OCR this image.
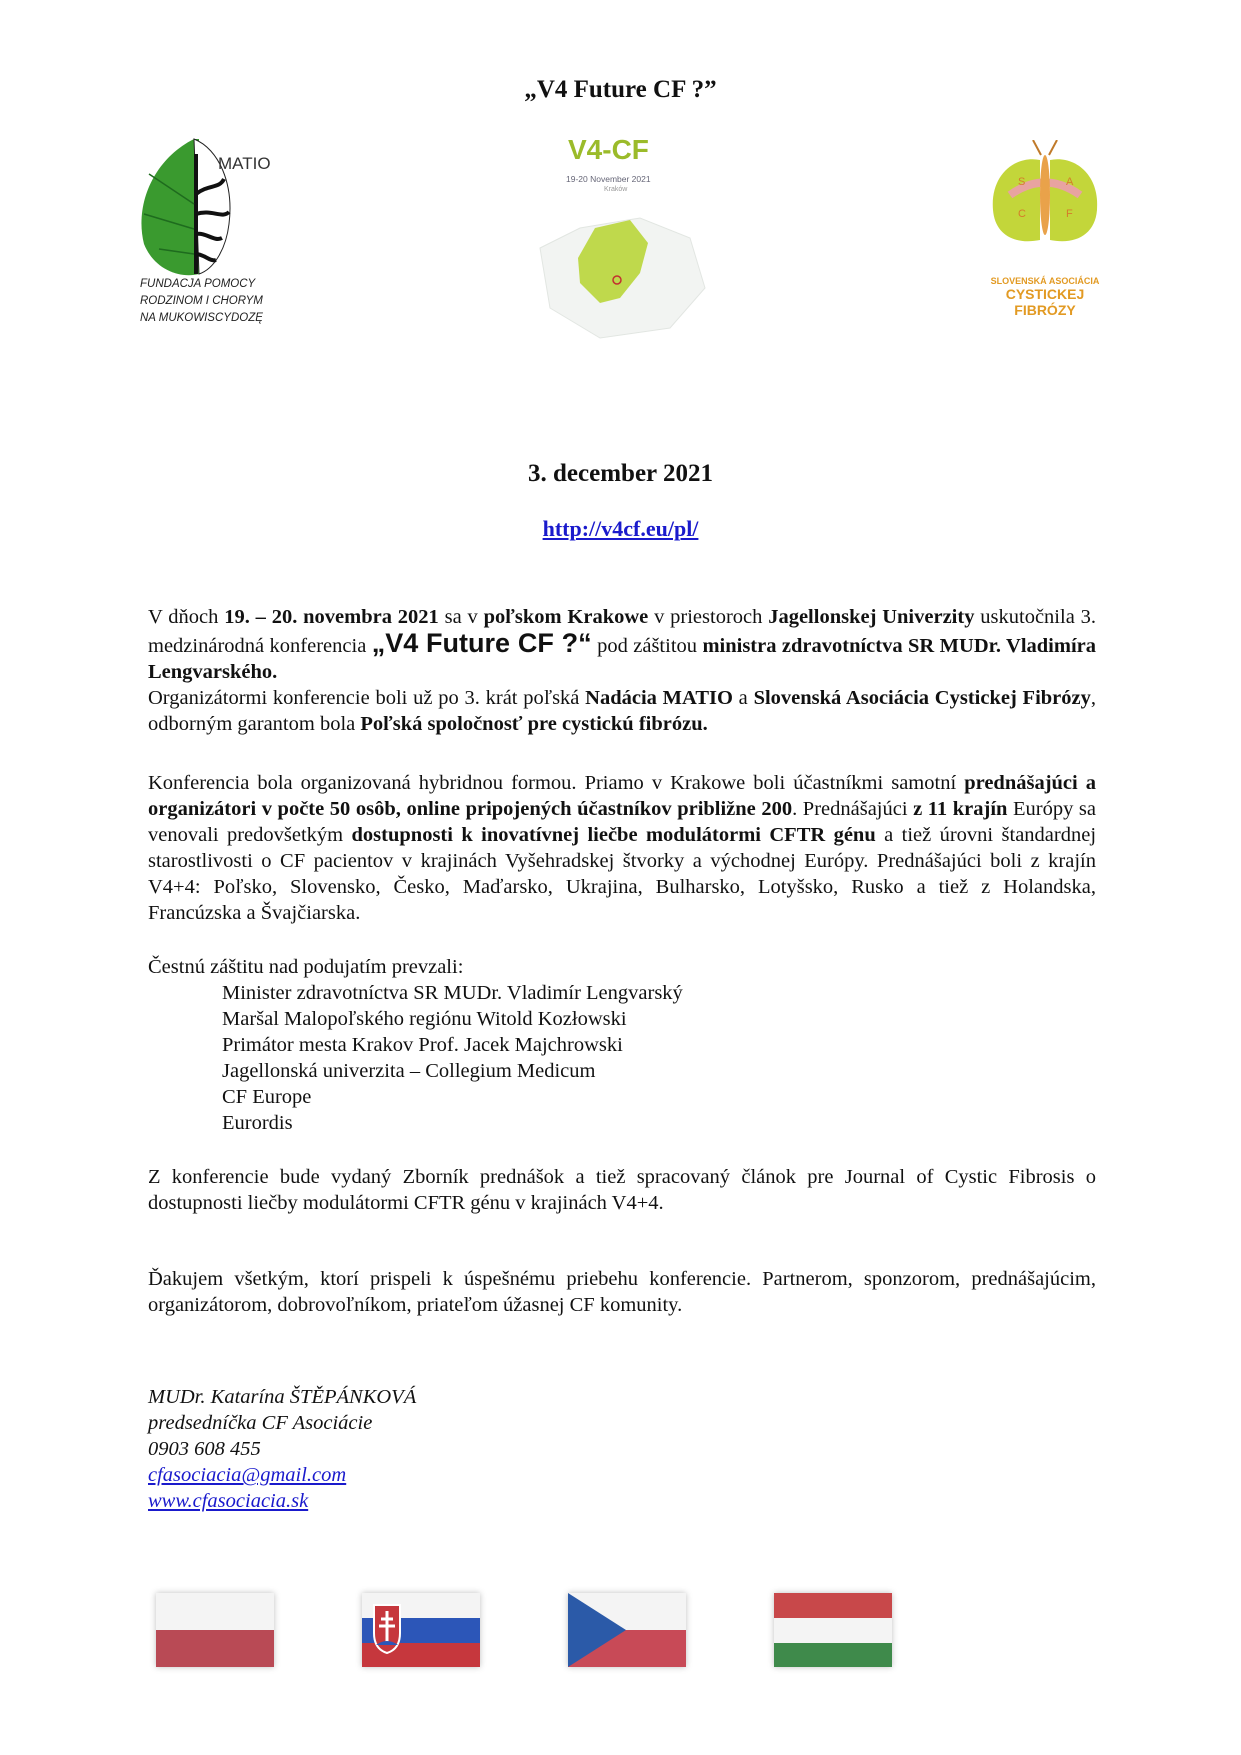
„V4 Future CF ?”
MATIO
FUNDACJA POMOCY
RODZINOM I CHORYM
NA MUKOWISCYDOZĘ
V4-CF
19-20 November 2021
Kraków
S	A
C	F
SLOVENSKÁ ASOCIÁCIA
CYSTICKEJ
FIBRÓZY
3. december 2021
http://v4cf.eu/pl/

V dňoch 19. – 20. novembra 2021 sa v poľskom Krakowe v priestoroch Jagellonskej Univerzity uskutočnila 3. medzinárodná konferencia „V4 Future CF ?“ pod záštitou ministra zdravotníctva SR MUDr. Vladimíra Lengvarského.

Organizátormi konferencie boli už po 3. krát poľská Nadácia MATIO a Slovenská Asociácia Cystickej Fibrózy, odborným garantom bola Poľská spoločnosť pre cystickú fibrózu.

Konferencia bola organizovaná hybridnou formou. Priamo v Krakowe boli účastníkmi samotní prednášajúci a organizátori v počte 50 osôb, online pripojených účastníkov približne 200. Prednášajúci z 11 krajín Európy sa venovali predovšetkým dostupnosti k inovatívnej liečbe modulátormi CFTR génu a tiež úrovni štandardnej starostlivosti o CF pacientov v krajinách Vyšehradskej štvorky a východnej Európy. Prednášajúci boli z krajín V4+4: Poľsko, Slovensko, Česko, Maďarsko, Ukrajina, Bulharsko, Lotyšsko, Rusko a tiež z Holandska, Francúzska a Švajčiarska.

Čestnú záštitu nad podujatím prevzali:

Minister zdravotníctva SR MUDr. Vladimír Lengvarský
Maršal Malopoľského regiónu Witold Kozłowski
Primátor mesta Krakov Prof. Jacek Majchrowski
Jagellonská univerzita – Collegium Medicum
CF Europe
Eurordis

Z konferencie bude vydaný Zborník prednášok a tiež spracovaný článok pre Journal of Cystic Fibrosis o dostupnosti liečby modulátormi CFTR génu v krajinách V4+4.

Ďakujem všetkým, ktorí prispeli k úspešnému priebehu konferencie. Partnerom, sponzorom, prednášajúcim, organizátorom, dobrovoľníkom, priateľom úžasnej CF komunity.

MUDr. Katarína ŠTĚPÁNKOVÁ
predsedníčka CF Asociácie
0903 608 455
cfasociacia@gmail.com
www.cfasociacia.sk
